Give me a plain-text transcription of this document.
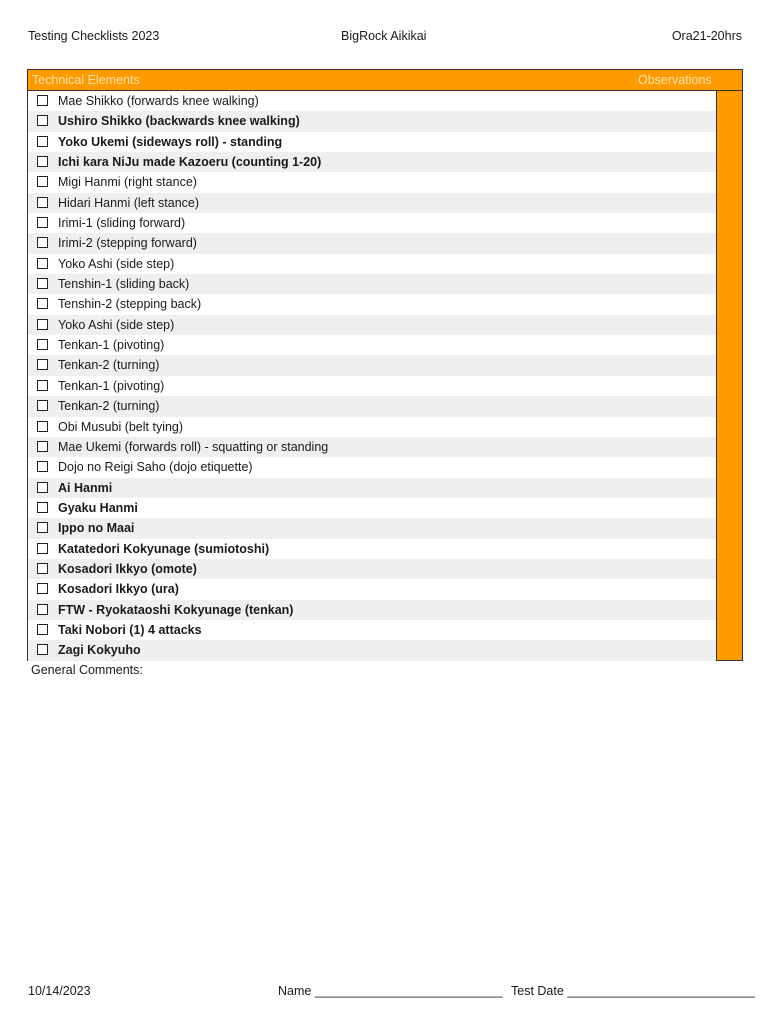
Testing Checklists 2023	BigRock Aikikai	Ora21-20hrs
Technical Elements	Observations
Mae Shikko (forwards knee walking)
Ushiro Shikko (backwards knee walking)
Yoko Ukemi (sideways roll) - standing
Ichi kara NiJu made Kazoeru (counting 1-20)
Migi Hanmi (right stance)
Hidari Hanmi (left stance)
Irimi-1 (sliding forward)
Irimi-2 (stepping forward)
Yoko Ashi (side step)
Tenshin-1 (sliding back)
Tenshin-2 (stepping back)
Yoko Ashi (side step)
Tenkan-1 (pivoting)
Tenkan-2 (turning)
Tenkan-1 (pivoting)
Tenkan-2 (turning)
Obi Musubi (belt tying)
Mae Ukemi (forwards roll) - squatting or standing
Dojo no Reigi Saho (dojo etiquette)
Ai Hanmi
Gyaku Hanmi
Ippo no Maai
Katatedori Kokyunage (sumiotoshi)
Kosadori Ikkyo (omote)
Kosadori Ikkyo (ura)
FTW - Ryokataoshi Kokyunage (tenkan)
Taki Nobori (1) 4 attacks
Zagi Kokyuho
General Comments:
10/14/2023	Name ___________________________ Test Date ___________________________
